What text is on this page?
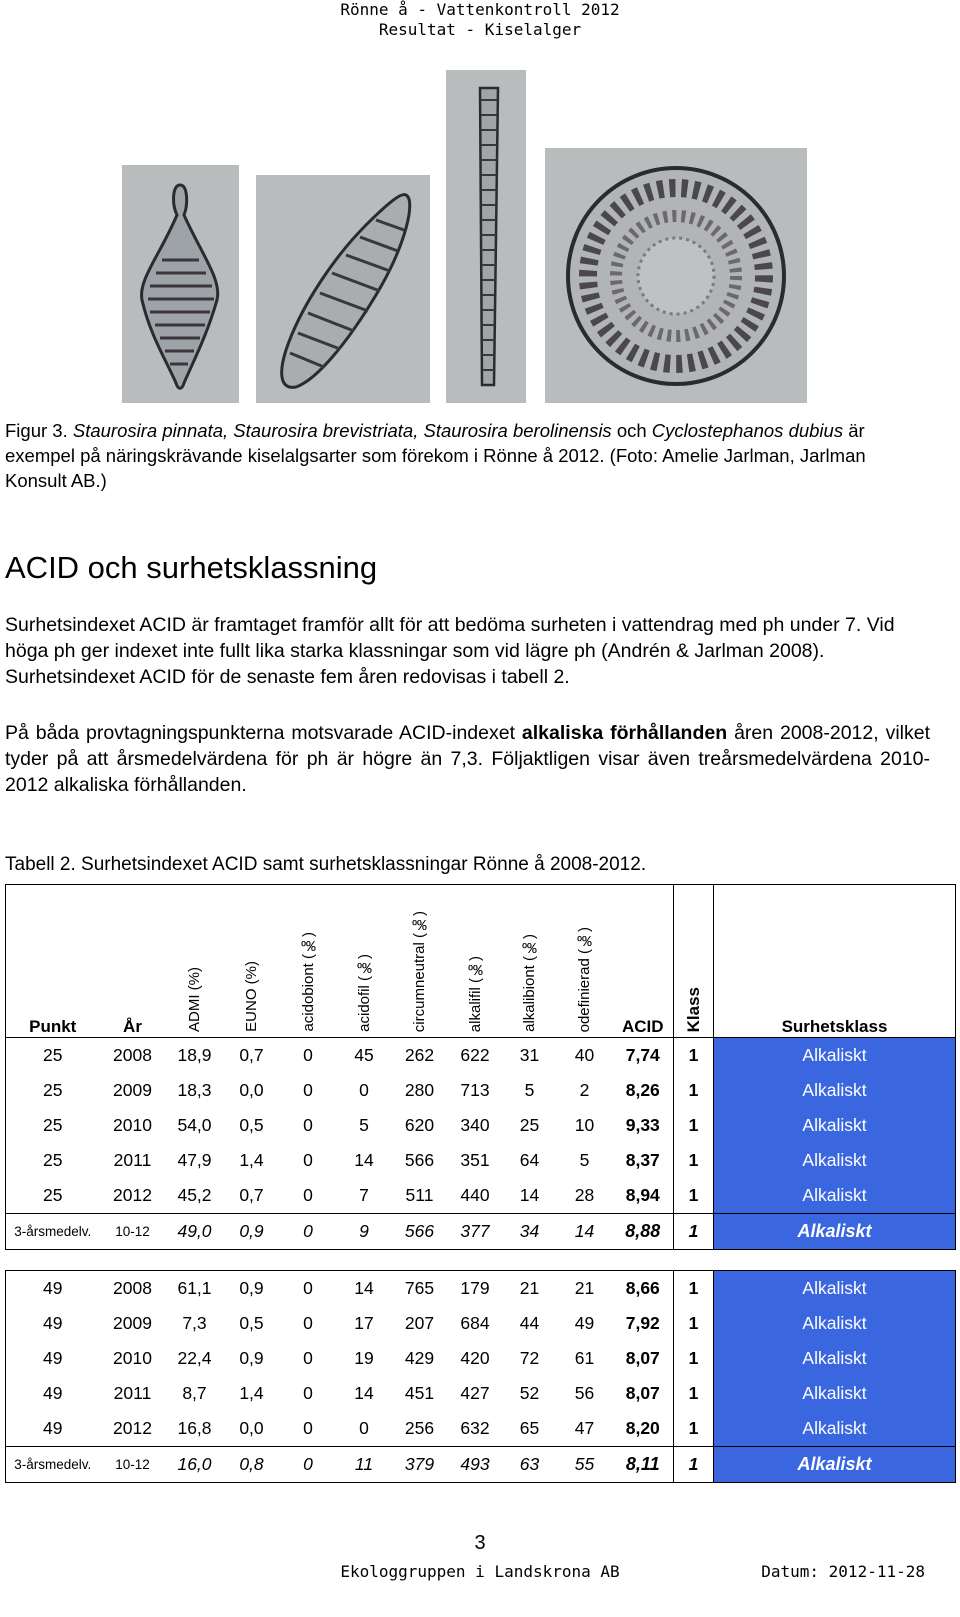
Rönne å - Vattenkontroll 2012
Resultat - Kiselalger
Figur 3. Staurosira pinnata, Staurosira brevistriata, Staurosira berolinensis och Cyclostephanos dubius är exempel på näringskrävande kiselalgsarter som förekom i Rönne å 2012. (Foto: Amelie Jarlman, Jarlman Konsult AB.)
ACID och surhetsklassning
Surhetsindexet ACID är framtaget framför allt för att bedöma surheten i vattendrag med ph under 7. Vid höga ph ger indexet inte fullt lika starka klassningar som vid lägre ph (Andrén & Jarlman 2008). Surhetsindexet ACID för de senaste fem åren redovisas i tabell 2.
På båda provtagningspunkterna motsvarade ACID-indexet alkaliska förhållanden åren 2008-2012, vilket tyder på att årsmedelvärdena för ph är högre än 7,3. Följaktligen visar även treårsmedelvärdena 2010-2012 alkaliska förhållanden.
Tabell 2. Surhetsindexet ACID samt surhetsklassningar Rönne å 2008-2012.
Punkt	År	ADMI (%)	EUNO (%)	acidobiont (‰)	acidofil (‰)	circumneutral (‰)	alkalifil (‰)	alkalibiont (‰)	odefinierad (‰)	ACID	Klass	Surhetsklass
25	2008	18,9	0,7	0	45	262	622	31	40	7,74	1	Alkaliskt
25	2009	18,3	0,0	0	0	280	713	5	2	8,26	1	Alkaliskt
25	2010	54,0	0,5	0	5	620	340	25	10	9,33	1	Alkaliskt
25	2011	47,9	1,4	0	14	566	351	64	5	8,37	1	Alkaliskt
25	2012	45,2	0,7	0	7	511	440	14	28	8,94	1	Alkaliskt
3-årsmedelv.	10-12	49,0	0,9	0	9	566	377	34	14	8,88	1	Alkaliskt

49	2008	61,1	0,9	0	14	765	179	21	21	8,66	1	Alkaliskt
49	2009	7,3	0,5	0	17	207	684	44	49	7,92	1	Alkaliskt
49	2010	22,4	0,9	0	19	429	420	72	61	8,07	1	Alkaliskt
49	2011	8,7	1,4	0	14	451	427	52	56	8,07	1	Alkaliskt
49	2012	16,8	0,0	0	0	256	632	65	47	8,20	1	Alkaliskt
3-årsmedelv.	10-12	16,0	0,8	0	11	379	493	63	55	8,11	1	Alkaliskt
3
Ekologgruppen i Landskrona AB	Datum: 2012-11-28
